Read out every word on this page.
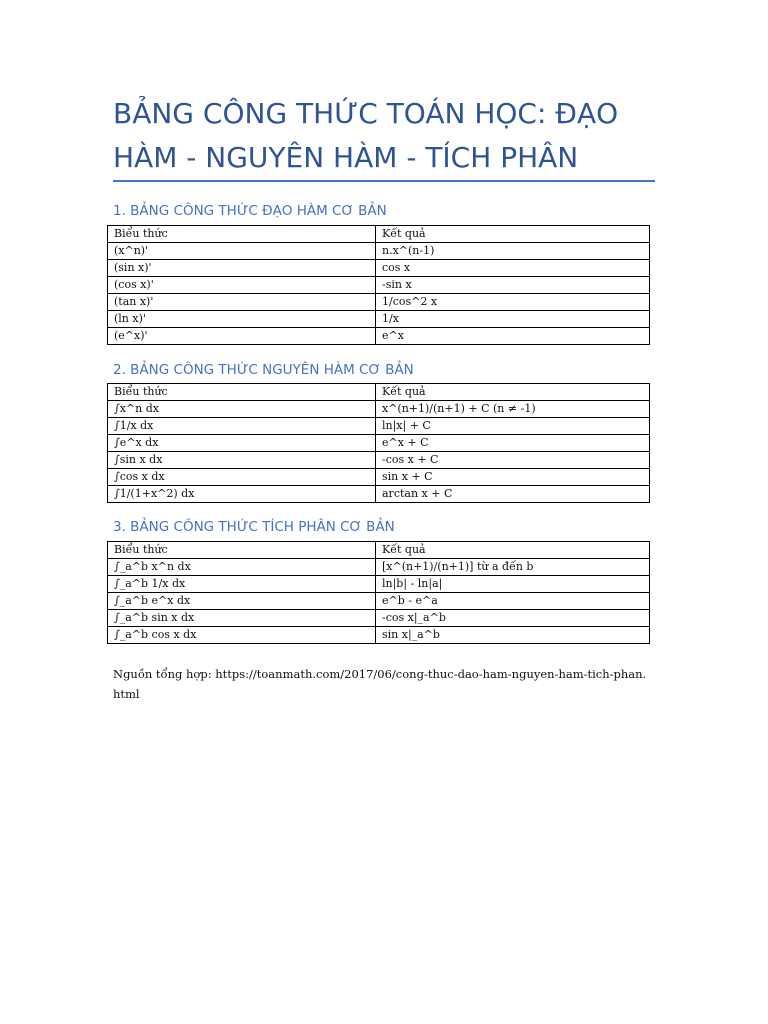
BẢNG CÔNG THỨC TOÁN HỌC: ĐẠO HÀM - NGUYÊN HÀM - TÍCH PHÂN
1. BẢNG CÔNG THỨC ĐẠO HÀM CƠ BẢN
Biểu thức	Kết quả
(x^n)'	n.x^(n-1)
(sin x)'	cos x
(cos x)'	-sin x
(tan x)'	1/cos^2 x
(ln x)'	1/x
(e^x)'	e^x
2. BẢNG CÔNG THỨC NGUYÊN HÀM CƠ BẢN
Biểu thức	Kết quả
∫x^n dx	x^(n+1)/(n+1) + C (n ≠ -1)
∫1/x dx	ln|x| + C
∫e^x dx	e^x + C
∫sin x dx	-cos x + C
∫cos x dx	sin x + C
∫1/(1+x^2) dx	arctan x + C
3. BẢNG CÔNG THỨC TÍCH PHÂN CƠ BẢN
Biểu thức	Kết quả
∫_a^b x^n dx	[x^(n+1)/(n+1)] từ a đến b
∫_a^b 1/x dx	ln|b| - ln|a|
∫_a^b e^x dx	e^b - e^a
∫_a^b sin x dx	-cos x|_a^b
∫_a^b cos x dx	sin x|_a^b

Nguồn tổng hợp: https://toanmath.com/2017/06/cong-thuc-dao-ham-nguyen-ham-tich-phan.html
